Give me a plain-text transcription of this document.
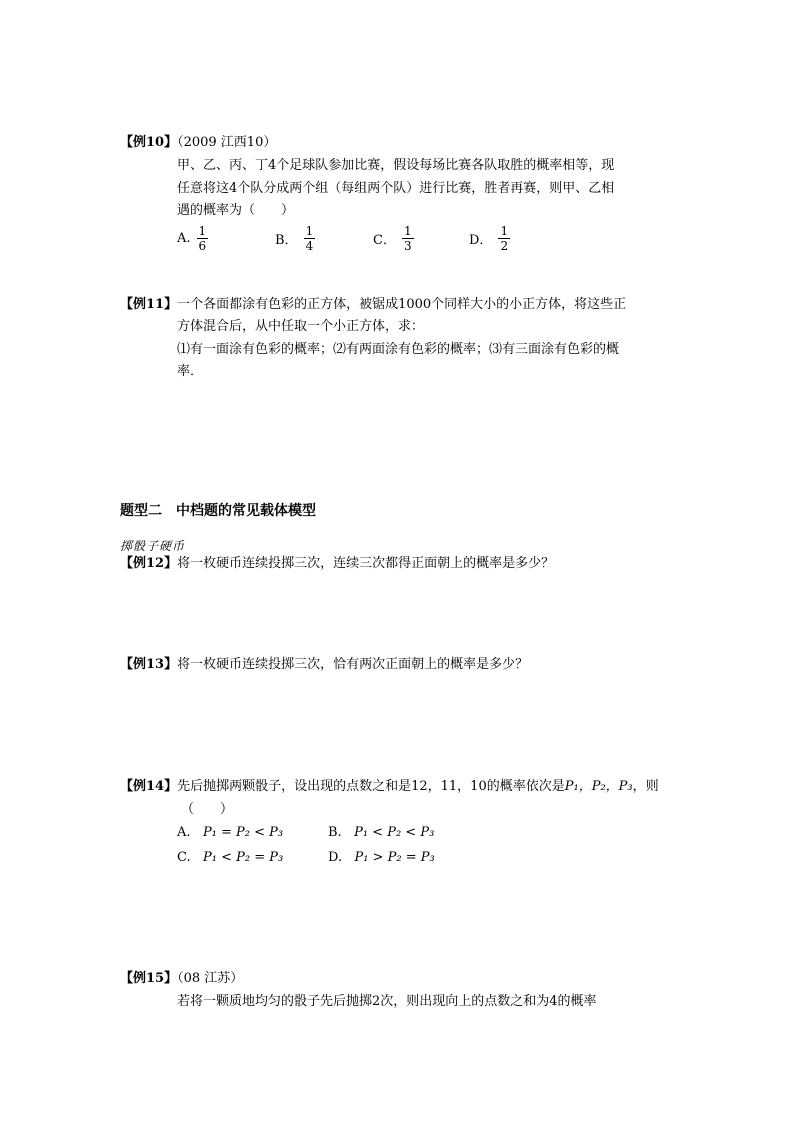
【例10】（2009 江西10）
甲、乙、丙、丁4个足球队参加比赛，假设每场比赛各队取胜的概率相等，现
任意将这4个队分成两个组（每组两个队）进行比赛，胜者再赛，则甲、乙相
遇的概率为（　　）
A. $\frac{1}{6}$	B． $\frac{1}{4}$	C． $\frac{1}{3}$	D． $\frac{1}{2}$
【例11】一个各面都涂有色彩的正方体，被锯成1000个同样大小的小正方体，将这些正
方体混合后，从中任取一个小正方体，求：
⑴有一面涂有色彩的概率；⑵有两面涂有色彩的概率；⑶有三面涂有色彩的概
率．
题型二　中档题的常见载体模型
掷骰子硬币
【例12】将一枚硬币连续投掷三次，连续三次都得正面朝上的概率是多少？
【例13】将一枚硬币连续投掷三次，恰有两次正面朝上的概率是多少？
【例14】先后抛掷两颗骰子，设出现的点数之和是12，11，10的概率依次是P₁，P₂，P₃，则
（　　）
A. P₁ = P₂ < P₃	B. P₁ < P₂ < P₃
C. P₁ < P₂ = P₃	D. P₁ > P₂ = P₃
【例15】（08 江苏）
若将一颗质地均匀的骰子先后抛掷2次，则出现向上的点数之和为4的概率
